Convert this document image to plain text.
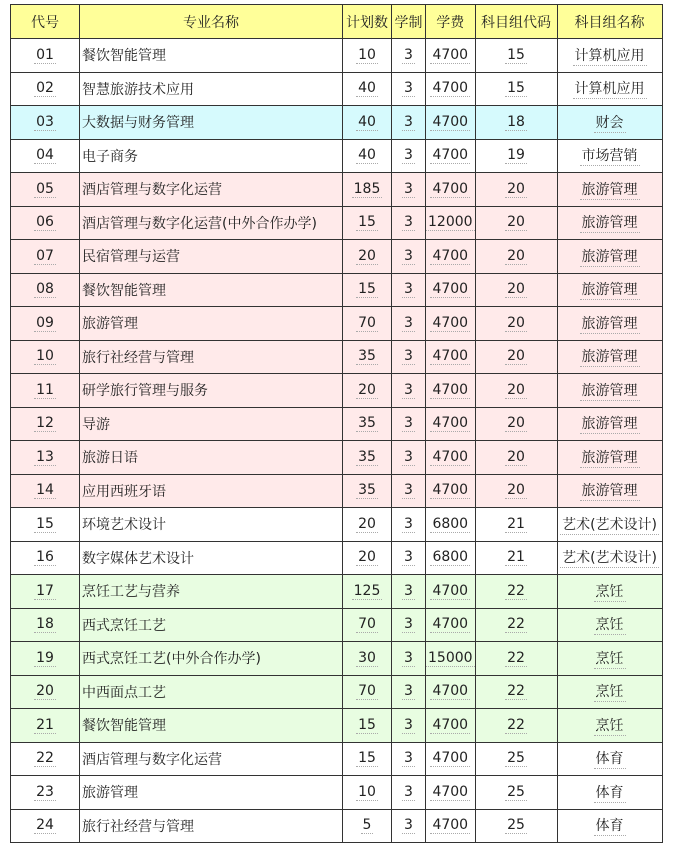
代号	专业名称	计划数	学制	学费	科目组代码	科目组名称
01	餐饮智能管理	10	3	4700	15	计算机应用
02	智慧旅游技术应用	40	3	4700	15	计算机应用
03	大数据与财务管理	40	3	4700	18	财会
04	电子商务	40	3	4700	19	市场营销
05	酒店管理与数字化运营	185	3	4700	20	旅游管理
06	酒店管理与数字化运营(中外合作办学)	15	3	12000	20	旅游管理
07	民宿管理与运营	20	3	4700	20	旅游管理
08	餐饮智能管理	15	3	4700	20	旅游管理
09	旅游管理	70	3	4700	20	旅游管理
10	旅行社经营与管理	35	3	4700	20	旅游管理
11	研学旅行管理与服务	20	3	4700	20	旅游管理
12	导游	35	3	4700	20	旅游管理
13	旅游日语	35	3	4700	20	旅游管理
14	应用西班牙语	35	3	4700	20	旅游管理
15	环境艺术设计	20	3	6800	21	艺术(艺术设计)
16	数字媒体艺术设计	20	3	6800	21	艺术(艺术设计)
17	烹饪工艺与营养	125	3	4700	22	烹饪
18	西式烹饪工艺	70	3	4700	22	烹饪
19	西式烹饪工艺(中外合作办学)	30	3	15000	22	烹饪
20	中西面点工艺	70	3	4700	22	烹饪
21	餐饮智能管理	15	3	4700	22	烹饪
22	酒店管理与数字化运营	15	3	4700	25	体育
23	旅游管理	10	3	4700	25	体育
24	旅行社经营与管理	5	3	4700	25	体育
